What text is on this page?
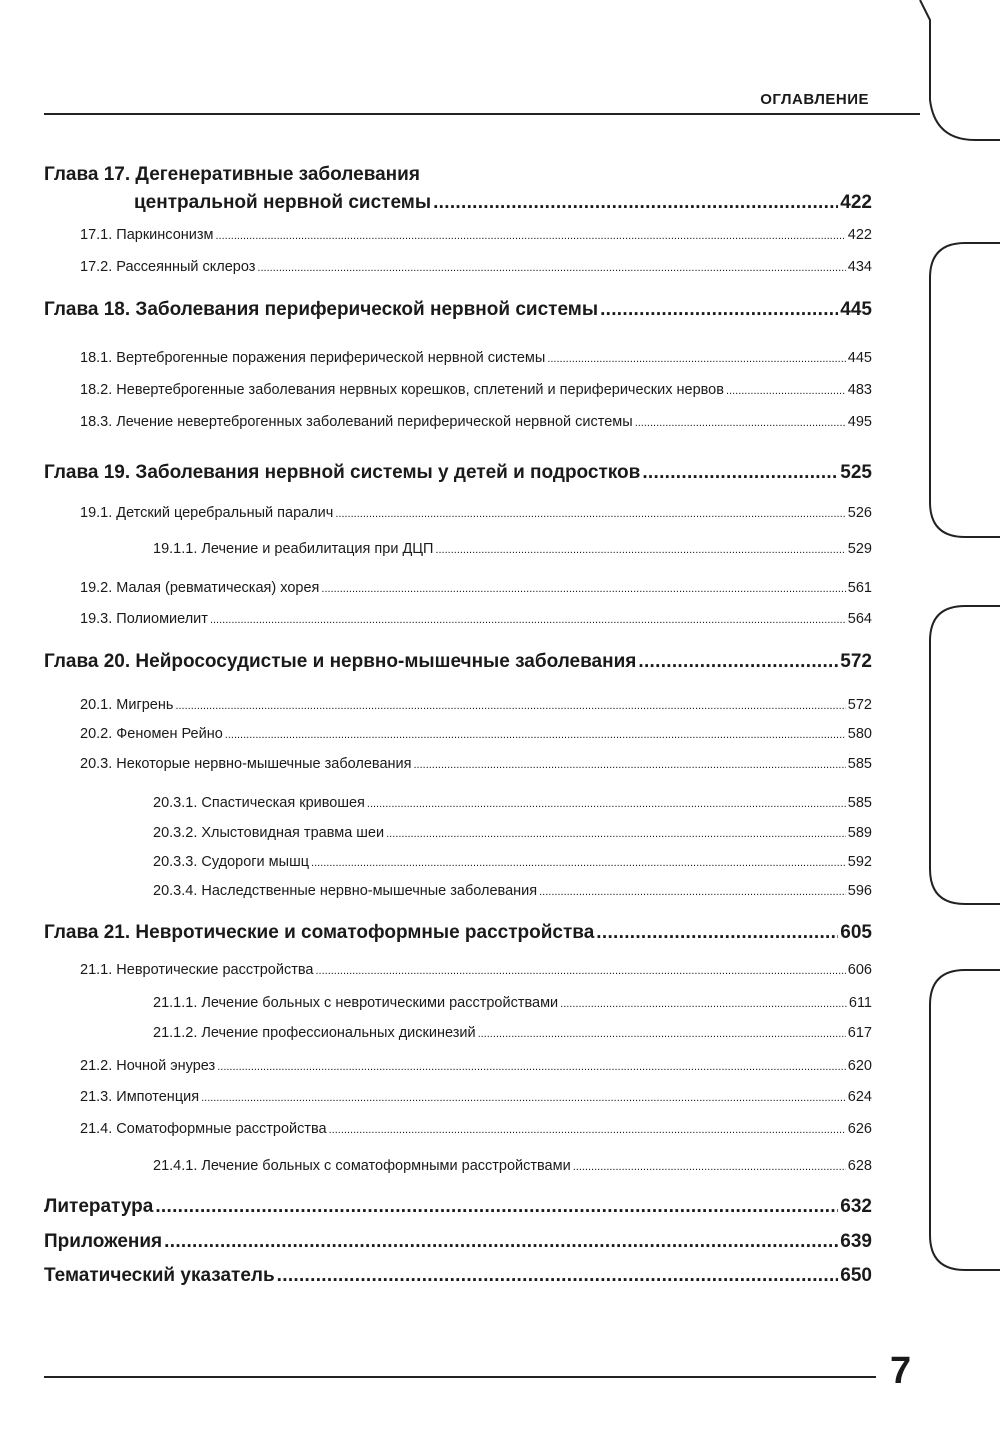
ОГЛАВЛЕНИЕ
Глава 17. Дегенеративные заболевания
центральной нервной системы .....	422
17.1. Паркинсонизм .....	422
17.2. Рассеянный склероз .....	434
Глава 18. Заболевания периферической нервной системы .....	445
18.1. Вертеброгенные поражения периферической нервной системы .....	445
18.2. Невертеброгенные заболевания нервных корешков, сплетений и периферических нервов .....	483
18.3. Лечение невертеброгенных заболеваний периферической нервной системы .....	495
Глава 19. Заболевания нервной системы у детей и подростков .....	525
19.1. Детский церебральный паралич .....	526
19.1.1. Лечение и реабилитация при ДЦП .....	529
19.2. Малая (ревматическая) хорея .....	561
19.3. Полиомиелит .....	564
Глава 20. Нейрососудистые и нервно-мышечные заболевания .....	572
20.1. Мигрень .....	572
20.2. Феномен Рейно .....	580
20.3. Некоторые нервно-мышечные заболевания .....	585
20.3.1. Спастическая кривошея .....	585
20.3.2. Хлыстовидная травма шеи .....	589
20.3.3. Судороги мышц .....	592
20.3.4. Наследственные нервно-мышечные заболевания .....	596
Глава 21. Невротические и соматоформные расстройства .....	605
21.1. Невротические расстройства .....	606
21.1.1. Лечение больных с невротическими расстройствами .....	611
21.1.2. Лечение профессиональных дискинезий .....	617
21.2. Ночной энурез .....	620
21.3. Импотенция .....	624
21.4. Соматоформные расстройства .....	626
21.4.1. Лечение больных с соматоформными расстройствами .....	628
Литература .....	632
Приложения .....	639
Тематический указатель .....	650
7
